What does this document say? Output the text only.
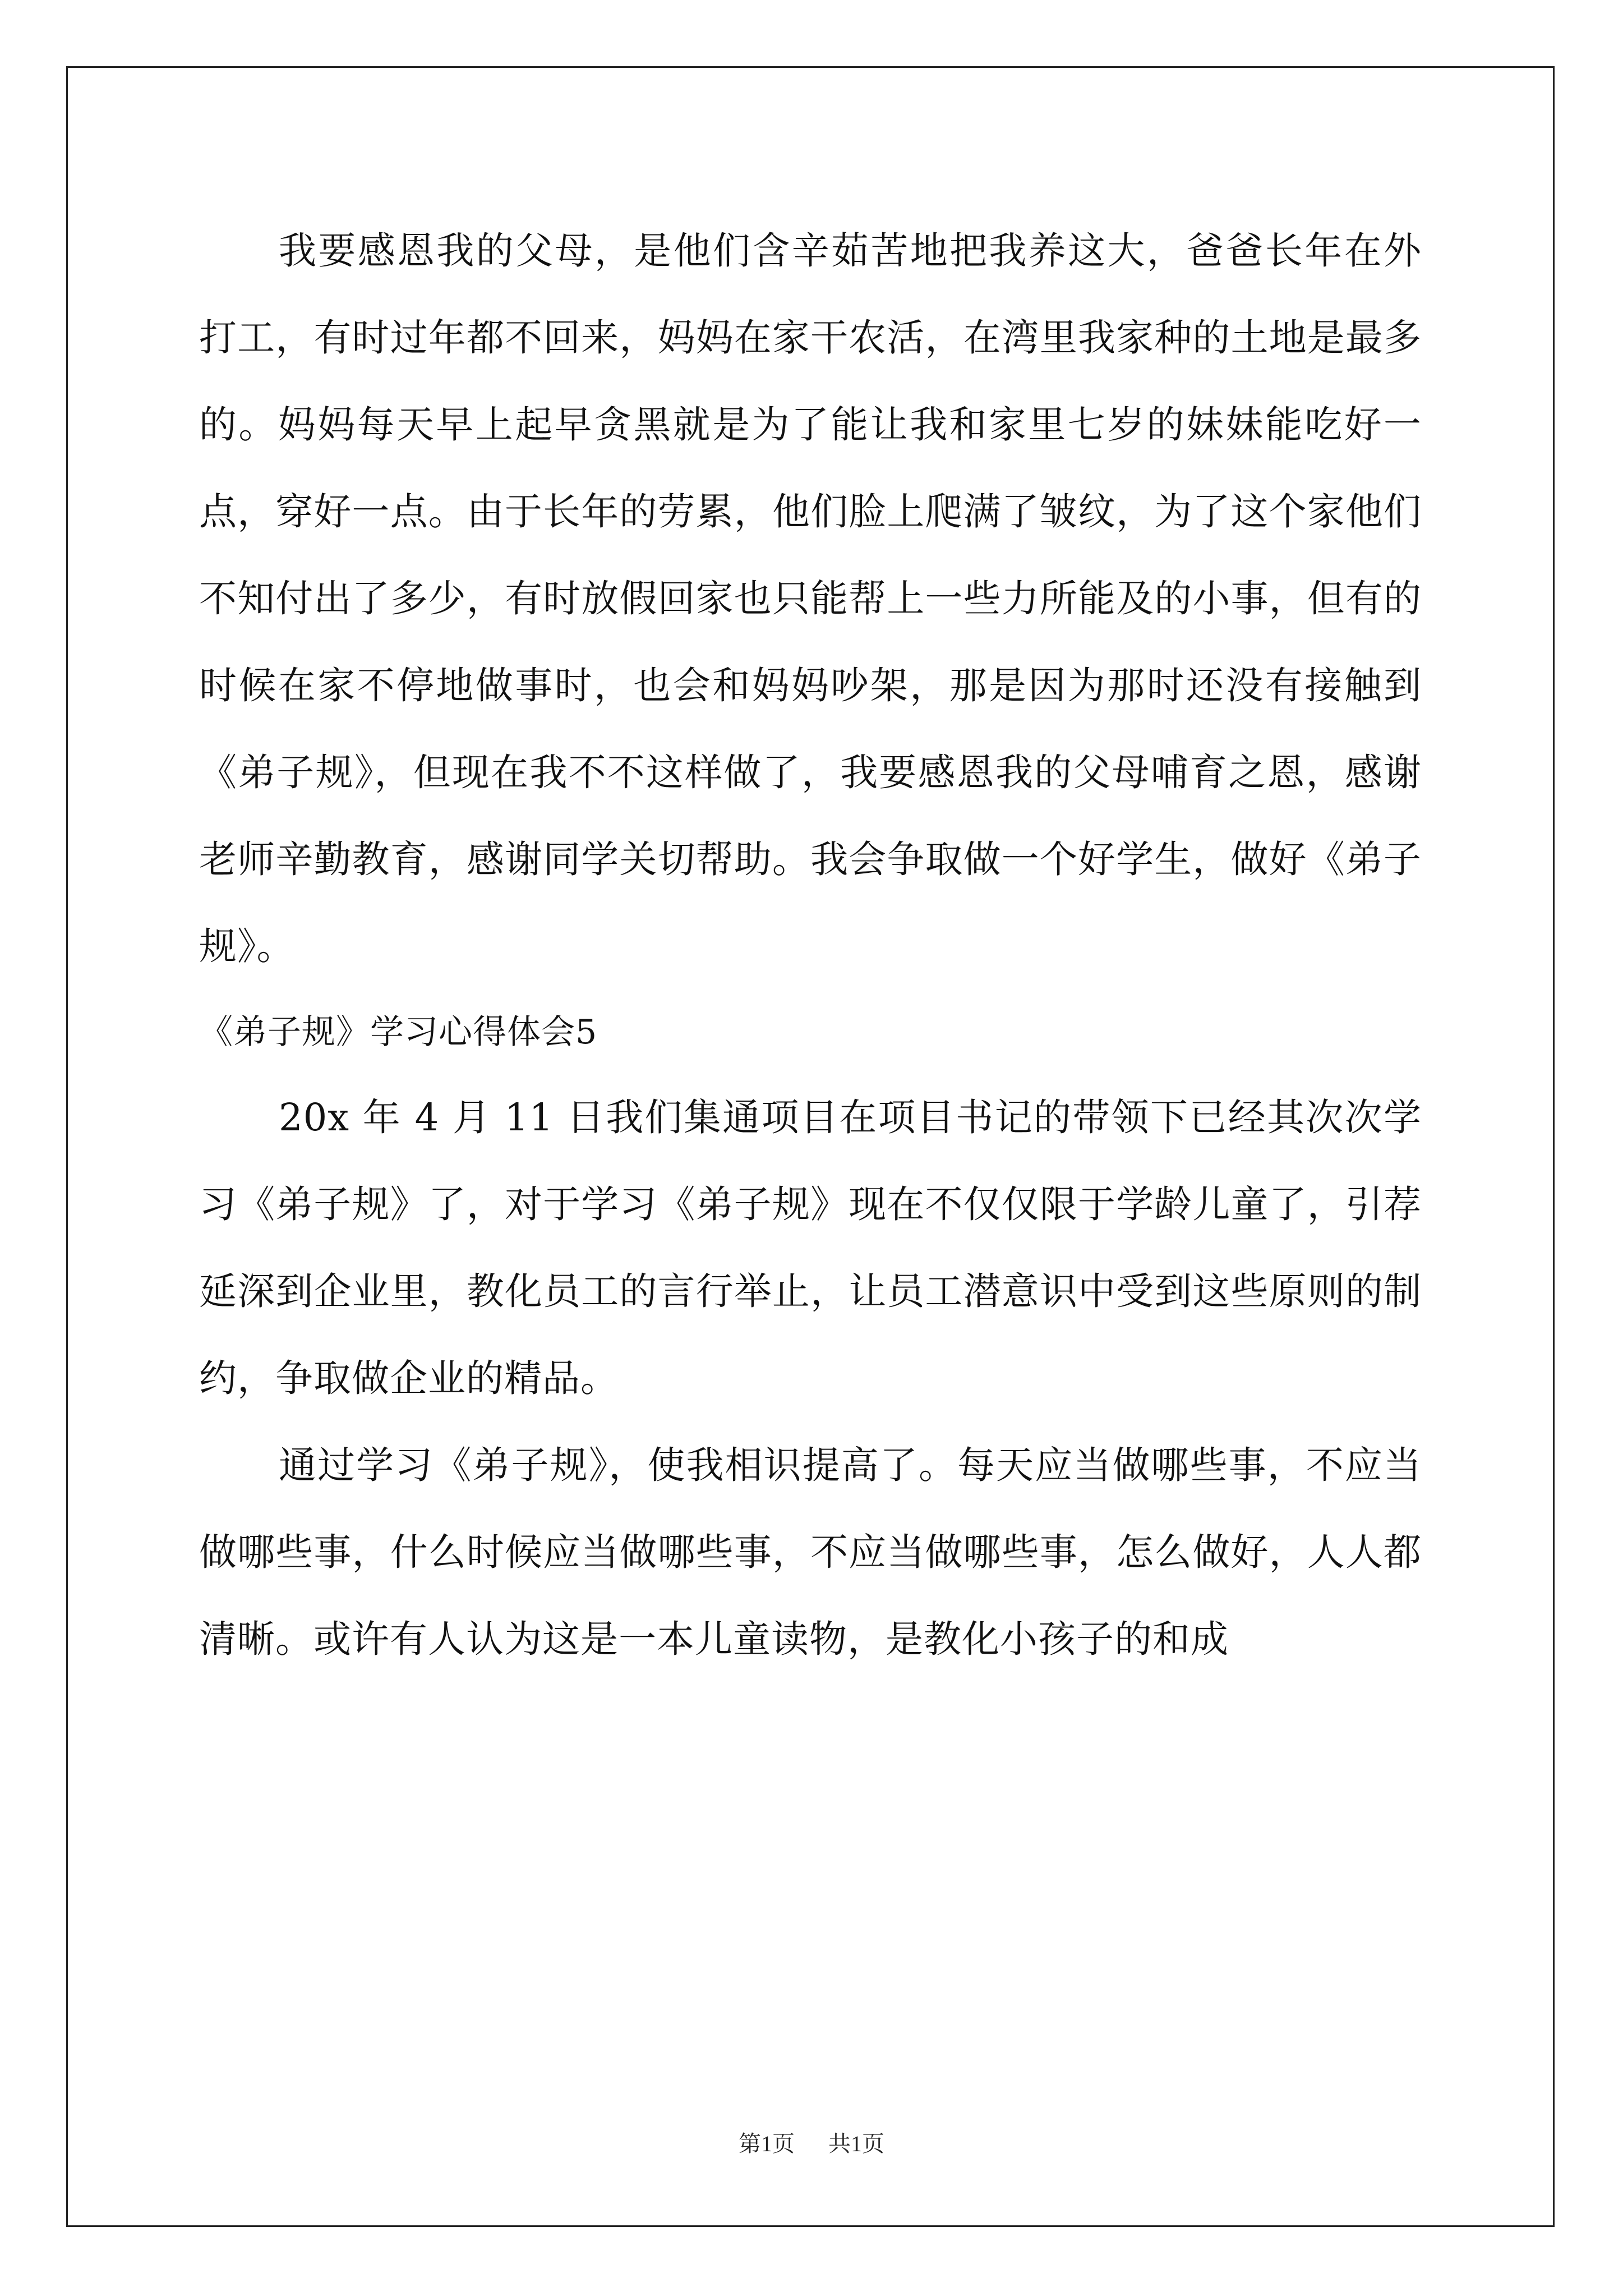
我要感恩我的父母，是他们含辛茹苦地把我养这大，爸爸长年在外打工，有时过年都不回来，妈妈在家干农活，在湾里我家种的土地是最多的。妈妈每天早上起早贪黑就是为了能让我和家里七岁的妹妹能吃好一点，穿好一点。由于长年的劳累，他们脸上爬满了皱纹，为了这个家他们不知付出了多少，有时放假回家也只能帮上一些力所能及的小事，但有的时候在家不停地做事时，也会和妈妈吵架，那是因为那时还没有接触到《弟子规》，但现在我不不这样做了，我要感恩我的父母哺育之恩，感谢老师辛勤教育，感谢同学关切帮助。我会争取做一个好学生，做好《弟子规》。

《弟子规》学习心得体会5

20x 年 4 月 11 日我们集通项目在项目书记的带领下已经其次次学习《弟子规》了，对于学习《弟子规》现在不仅仅限于学龄儿童了，引荐延深到企业里，教化员工的言行举止，让员工潜意识中受到这些原则的制约，争取做企业的精品。

通过学习《弟子规》，使我相识提高了。每天应当做哪些事，不应当做哪些事，什么时候应当做哪些事，不应当做哪些事，怎么做好，人人都清晰。或许有人认为这是一本儿童读物，是教化小孩子的和成

第1页 共1页
